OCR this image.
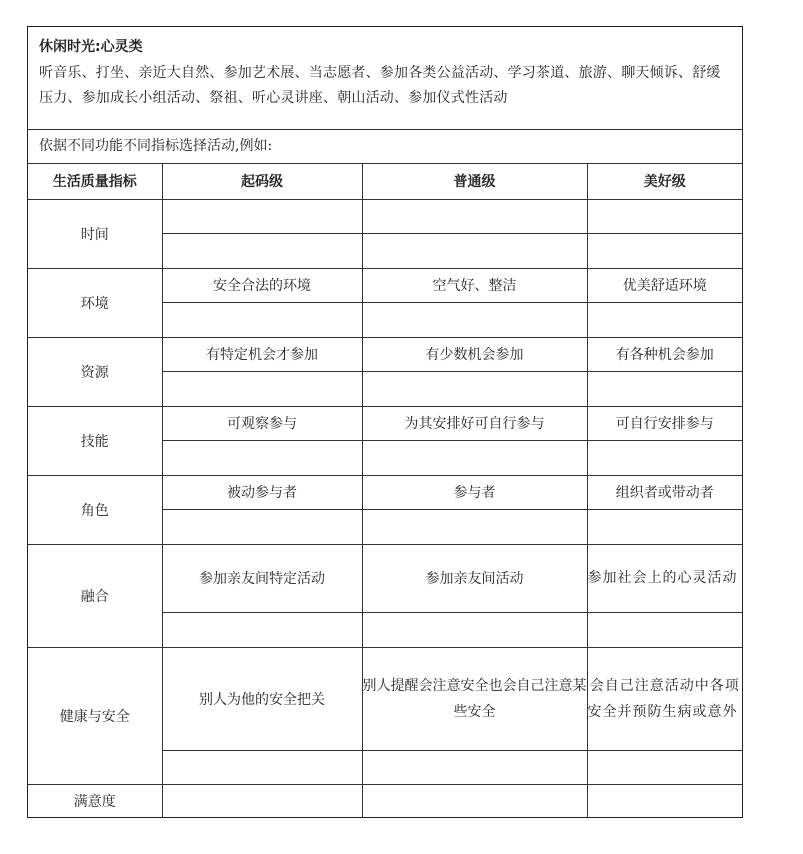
休闲时光:心灵类
听音乐、打坐、亲近大自然、参加艺术展、当志愿者、参加各类公益活动、学习茶道、旅游、聊天倾诉、舒缓压力、参加成长小组活动、祭祖、听心灵讲座、朝山活动、参加仪式性活动
依据不同功能不同指标选择活动,例如:
生活质量指标	起码级	普通级	美好级
时间			

环境	安全合法的环境	空气好、整洁	优美舒适环境

资源	有特定机会才参加	有少数机会参加	有各种机会参加

技能	可观察参与	为其安排好可自行参与	可自行安排参与

角色	被动参与者	参与者	组织者或带动者

融合	参加亲友间特定活动	参加亲友间活动	参加社会上的心灵活动

健康与安全	别人为他的安全把关	别人提醒会注意安全也会自己注意某些安全	会自己注意活动中各项安全并预防生病或意外

满意度			
